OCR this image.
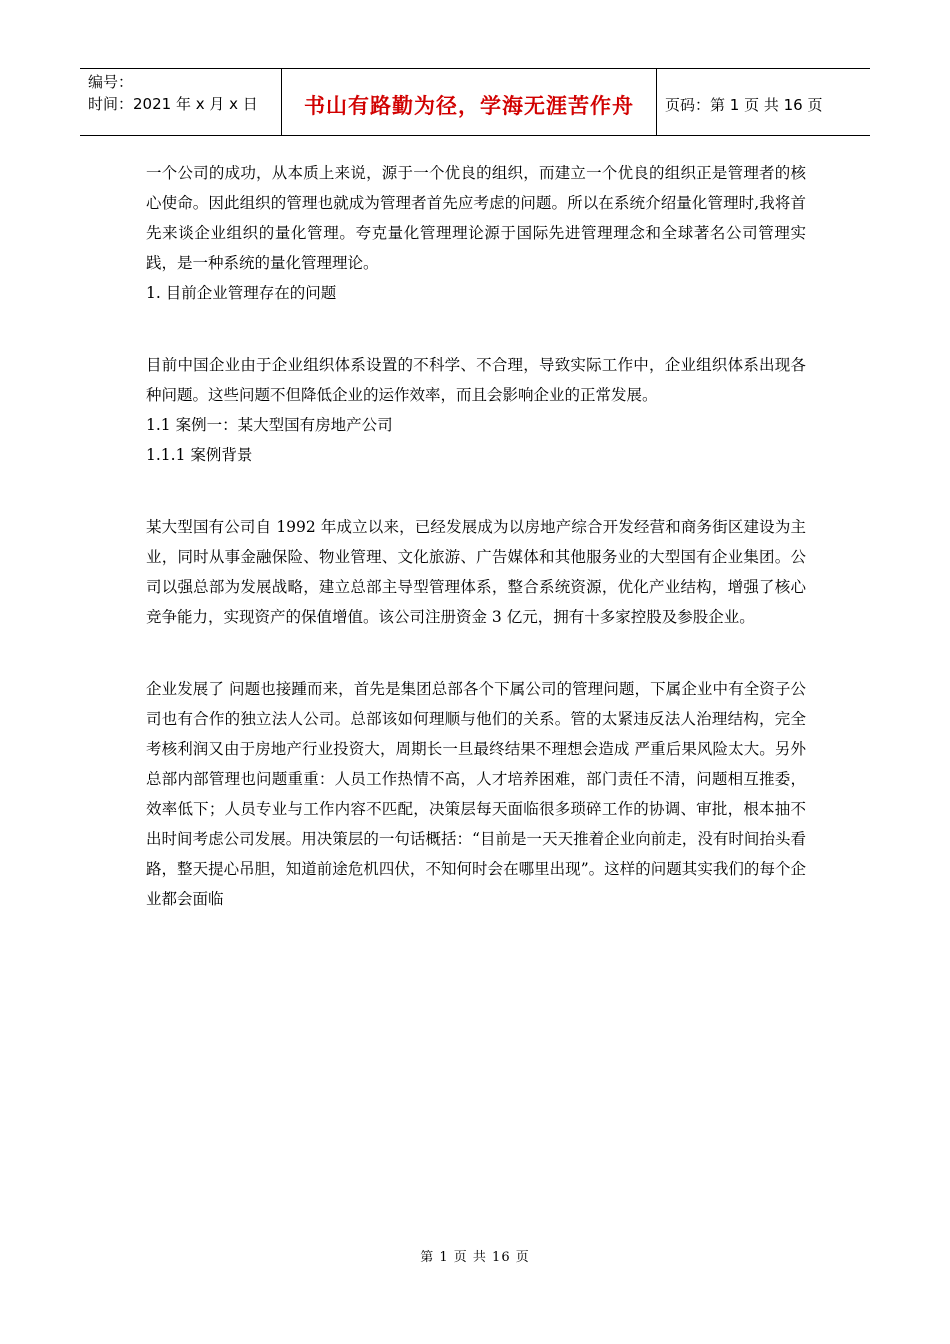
编号：
时间：2021 年 x 月 x 日	书山有路勤为径，学海无涯苦作舟	页码：第 1 页 共 16 页

一个公司的成功，从本质上来说，源于一个优良的组织，而建立一个优良的组织正是管理者的核心使命。因此组织的管理也就成为管理者首先应考虑的问题。所以在系统介绍量化管理时,我将首先来谈企业组织的量化管理。夸克量化管理理论源于国际先进管理理念和全球著名公司管理实践，是一种系统的量化管理理论。

1. 目前企业管理存在的问题

目前中国企业由于企业组织体系设置的不科学、不合理，导致实际工作中，企业组织体系出现各种问题。这些问题不但降低企业的运作效率，而且会影响企业的正常发展。

1.1 案例一：某大型国有房地产公司

1.1.1 案例背景

某大型国有公司自 1992 年成立以来，已经发展成为以房地产综合开发经营和商务街区建设为主业，同时从事金融保险、物业管理、文化旅游、广告媒体和其他服务业的大型国有企业集团。公司以强总部为发展战略，建立总部主导型管理体系，整合系统资源，优化产业结构，增强了核心竞争能力，实现资产的保值增值。该公司注册资金 3 亿元，拥有十多家控股及参股企业。

企业发展了 问题也接踵而来，首先是集团总部各个下属公司的管理问题，下属企业中有全资子公司也有合作的独立法人公司。总部该如何理顺与他们的关系。管的太紧违反法人治理结构，完全考核利润又由于房地产行业投资大，周期长一旦最终结果不理想会造成 严重后果风险太大。另外总部内部管理也问题重重：人员工作热情不高，人才培养困难，部门责任不清，问题相互推委，效率低下；人员专业与工作内容不匹配，决策层每天面临很多琐碎工作的协调、审批，根本抽不出时间考虑公司发展。用决策层的一句话概括：“目前是一天天推着企业向前走，没有时间抬头看路，整天提心吊胆，知道前途危机四伏，不知何时会在哪里出现”。这样的问题其实我们的每个企业都会面临

第 1 页 共 16 页
